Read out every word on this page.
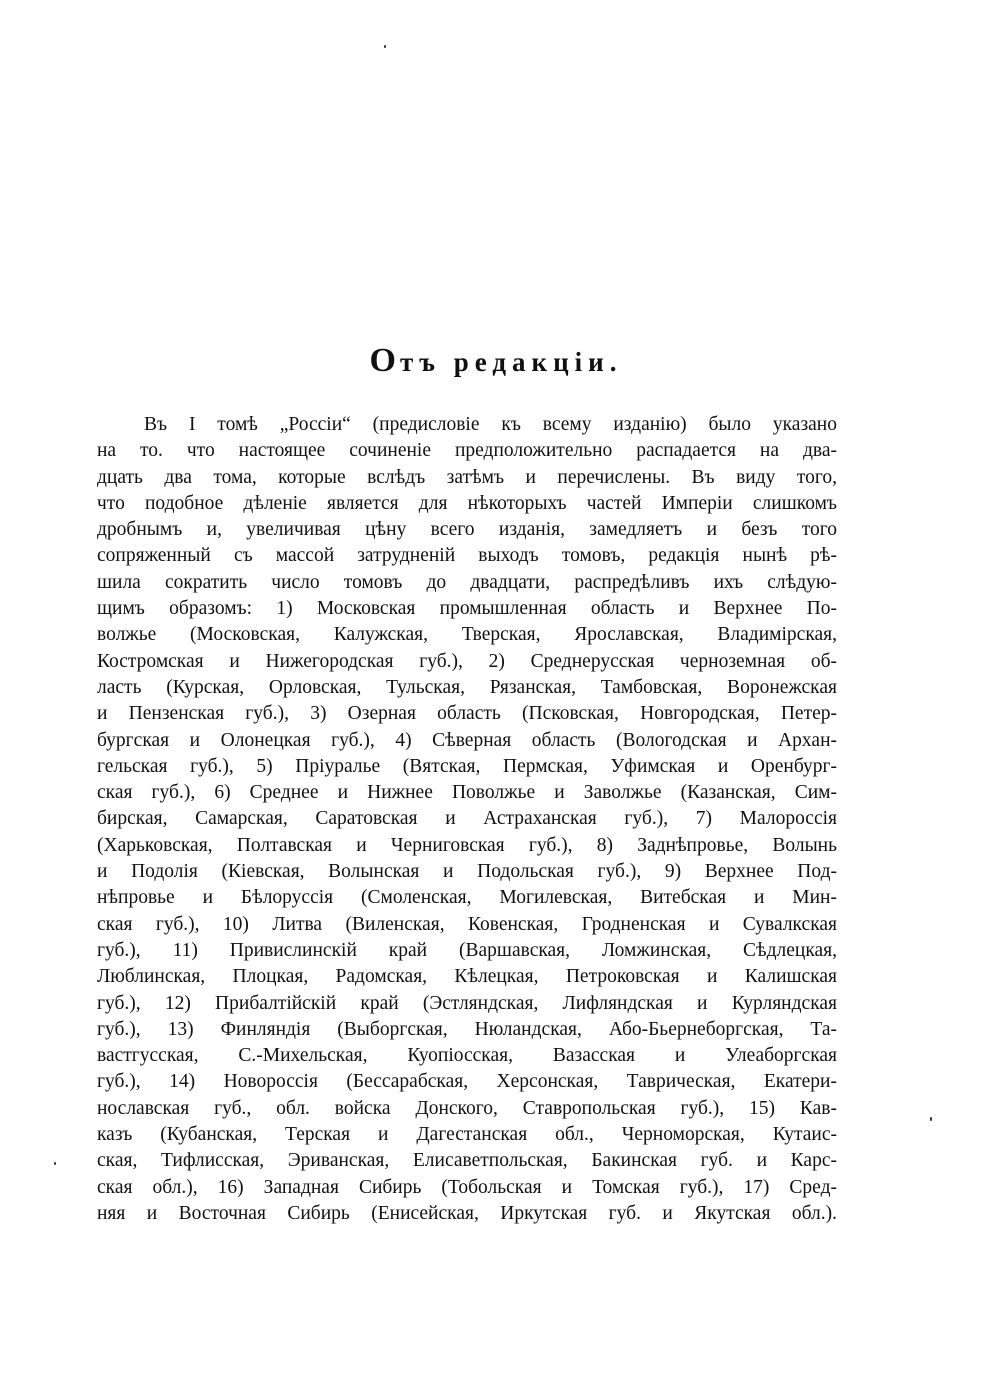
Отъ редакціи.
Въ I томѣ „Россіи“ (предисловіе къ всему изданію) было указано
на то. что настоящее сочиненіе предположительно распадается на два-
дцать два тома, которые вслѣдъ затѣмъ и перечислены. Въ виду того,
что подобное дѣленіе является для нѣкоторыхъ частей Имперіи слишкомъ
дробнымъ и, увеличивая цѣну всего изданія, замедляетъ и безъ того
сопряженный съ массой затрудненій выходъ томовъ, редакція нынѣ рѣ-
шила сократить число томовъ до двадцати, распредѣливъ ихъ слѣдую-
щимъ образомъ: 1) Московская промышленная область и Верхнее По-
волжье (Московская, Калужская, Тверская, Ярославская, Владимірская,
Костромская и Нижегородская губ.), 2) Среднерусская черноземная об-
ласть (Курская, Орловская, Тульская, Рязанская, Тамбовская, Воронежская
и Пензенская губ.), 3) Озерная область (Псковская, Новгородская, Петер-
бургская и Олонецкая губ.), 4) Сѣверная область (Вологодская и Архан-
гельская губ.), 5) Пріуралье (Вятская, Пермская, Уфимская и Оренбург-
ская губ.), 6) Среднее и Нижнее Поволжье и Заволжье (Казанская, Сим-
бирская, Самарская, Саратовская и Астраханская губ.), 7) Малороссія
(Харьковская, Полтавская и Черниговская губ.), 8) Заднѣпровье, Волынь
и Подолія (Кіевская, Волынская и Подольская губ.), 9) Верхнее Под-
нѣпровье и Бѣлоруссія (Смоленская, Могилевская, Витебская и Мин-
ская губ.), 10) Литва (Виленская, Ковенская, Гродненская и Сувалкская
губ.), 11) Привислинскій край (Варшавская, Ломжинская, Сѣдлецкая,
Люблинская, Плоцкая, Радомская, Кѣлецкая, Петроковская и Калишская
губ.), 12) Прибалтійскій край (Эстляндская, Лифляндская и Курляндская
губ.), 13) Финляндія (Выборгская, Нюландская, Або-Бьернеборгская, Та-
вастгусская, С.-Михельская, Куопіосская, Вазасская и Улеаборгская
губ.), 14) Новороссія (Бессарабская, Херсонская, Таврическая, Екатери-
нославская губ., обл. войска Донского, Ставропольская губ.), 15) Кав-
казъ (Кубанская, Терская и Дагестанская обл., Черноморская, Кутаис-
ская, Тифлисская, Эриванская, Елисаветпольская, Бакинская губ. и Карс-
ская обл.), 16) Западная Сибирь (Тобольская и Томская губ.), 17) Сред-
няя и Восточная Сибирь (Енисейская, Иркутская губ. и Якутская обл.).
